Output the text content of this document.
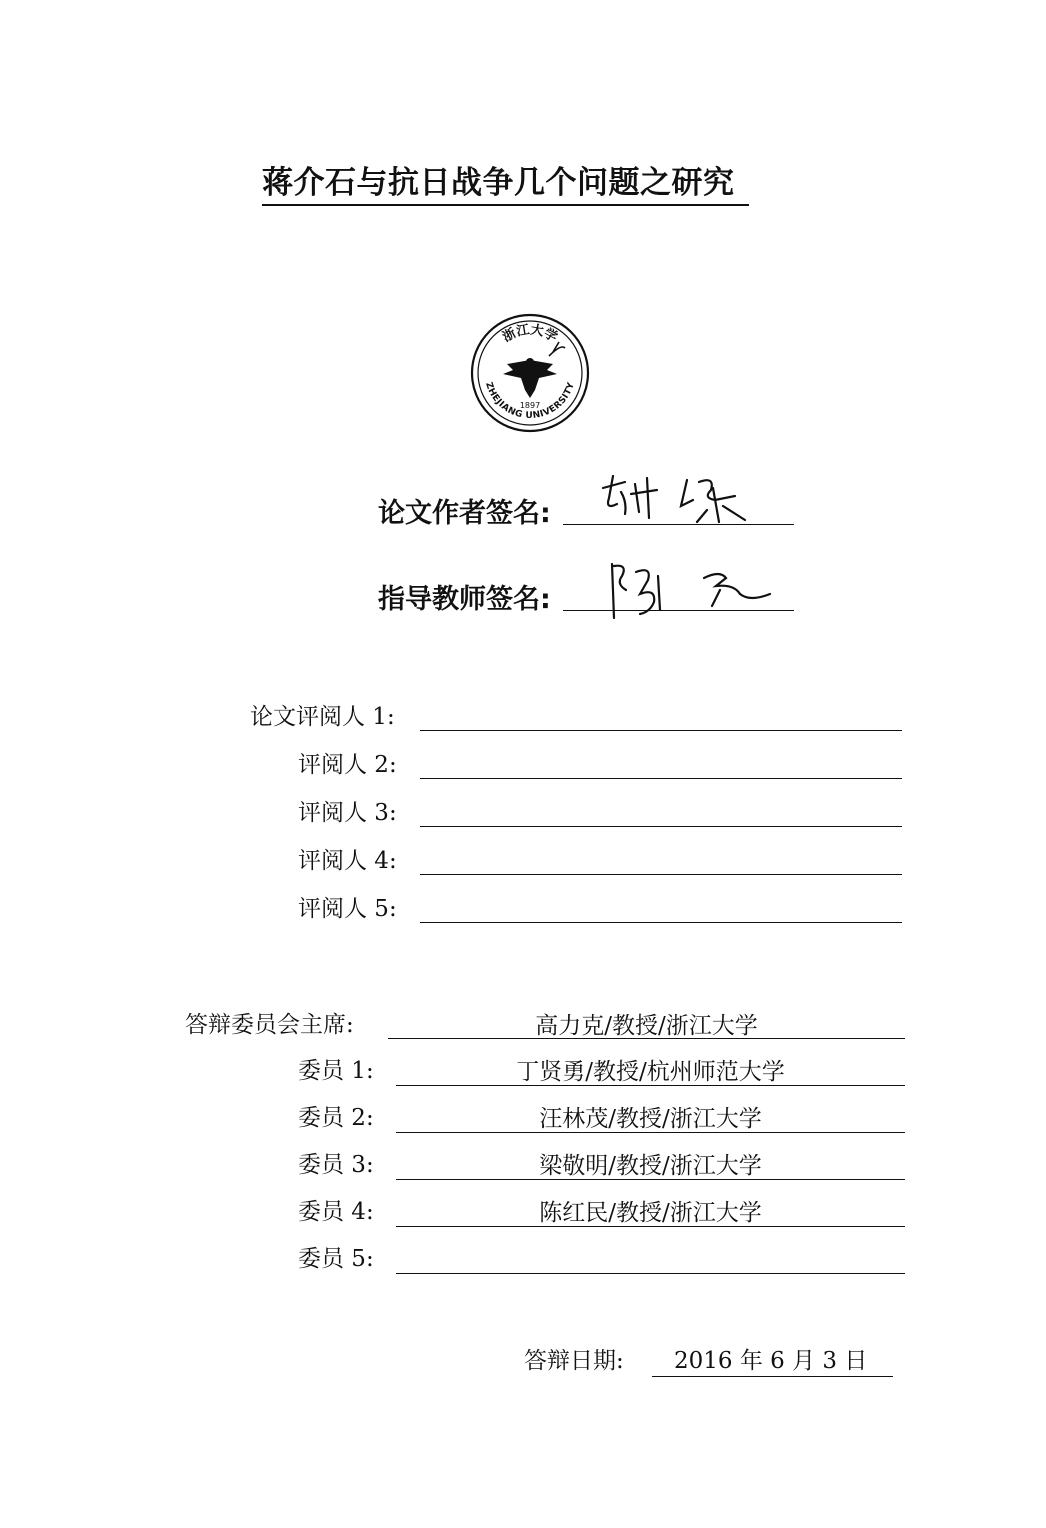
蒋介石与抗日战争几个问题之研究
浙江大学
1897
ZHEJIANG UNIVERSITY
论文作者签名:
指导教师签名:
论文评阅人 1:
评阅人 2:
评阅人 3:
评阅人 4:
评阅人 5:
答辩委员会主席:	高力克/教授/浙江大学
委员 1:	丁贤勇/教授/杭州师范大学
委员 2:	汪林茂/教授/浙江大学
委员 3:	梁敬明/教授/浙江大学
委员 4:	陈红民/教授/浙江大学
委员 5:
答辩日期:	2016 年 6 月 3 日
